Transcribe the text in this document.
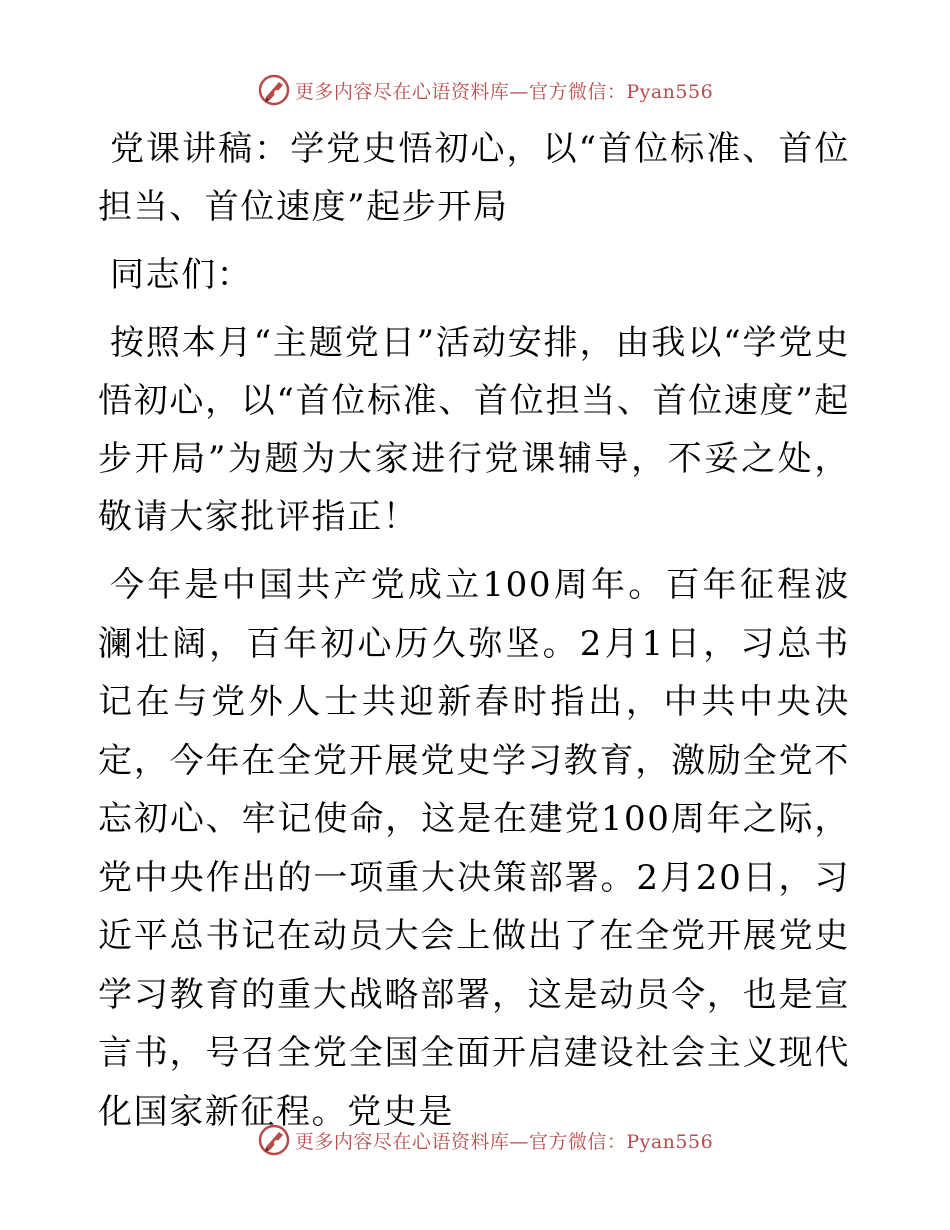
更多内容尽在心语资料库—官方微信：Pyan556

党课讲稿：学党史悟初心，以“首位标准、首位担当、首位速度”起步开局

同志们：

按照本月“主题党日”活动安排，由我以“学党史悟初心，以“首位标准、首位担当、首位速度”起步开局”为题为大家进行党课辅导，不妥之处，敬请大家批评指正！

今年是中国共产党成立100周年。百年征程波澜壮阔，百年初心历久弥坚。2月1日，习总书记在与党外人士共迎新春时指出，中共中央决定，今年在全党开展党史学习教育，激励全党不忘初心、牢记使命，这是在建党100周年之际，党中央作出的一项重大决策部署。2月20日，习近平总书记在动员大会上做出了在全党开展党史学习教育的重大战略部署，这是动员令，也是宣言书，号召全党全国全面开启建设社会主义现代化国家新征程。党史是

更多内容尽在心语资料库—官方微信：Pyan556
